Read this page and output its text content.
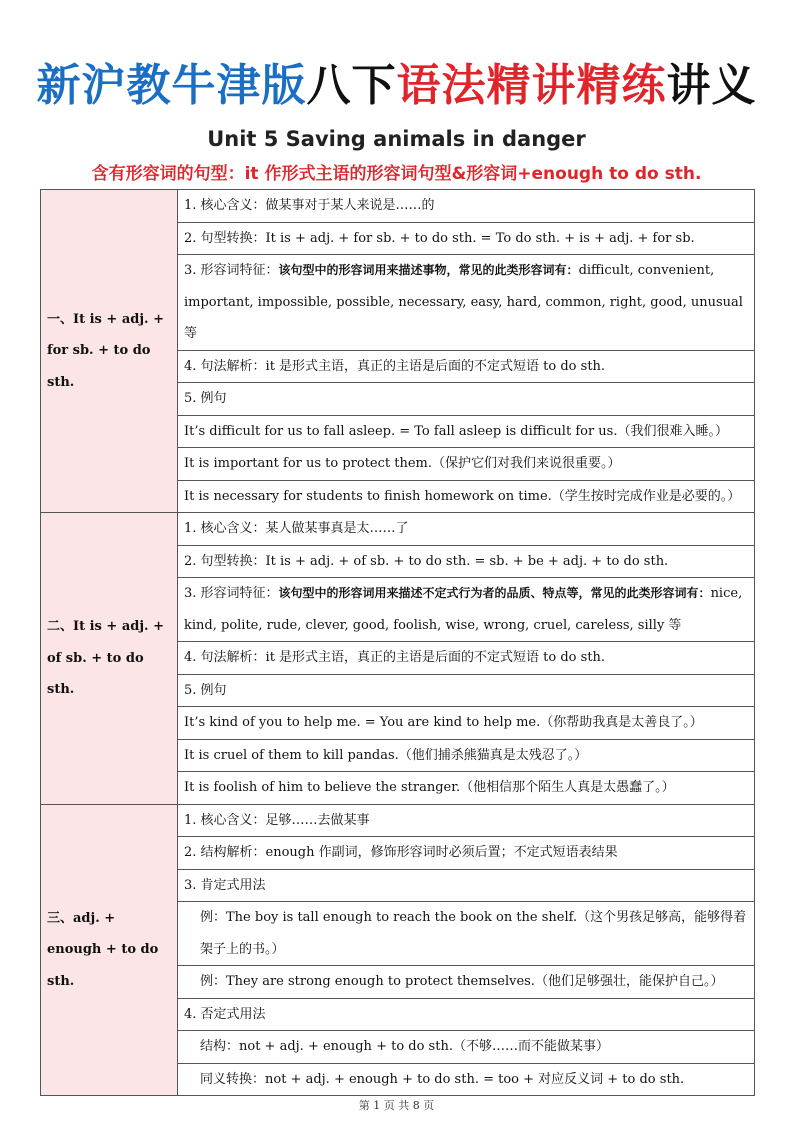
新沪教牛津版八下语法精讲精练讲义
Unit 5 Saving animals in danger
含有形容词的句型：it 作形式主语的形容词句型&形容词+enough to do sth.
一、It is + adj. + for sb. + to do sth.	1. 核心含义：做某事对于某人来说是……的
	2. 句型转换：It is + adj. + for sb. + to do sth. = To do sth. + is + adj. + for sb.
	3. 形容词特征：该句型中的形容词用来描述事物，常见的此类形容词有：difficult, convenient, important, impossible, possible, necessary, easy, hard, common, right, good, unusual 等
	4. 句法解析：it 是形式主语，真正的主语是后面的不定式短语 to do sth.
	5. 例句
	It’s difficult for us to fall asleep. = To fall asleep is difficult for us.（我们很难入睡。）
	It is important for us to protect them.（保护它们对我们来说很重要。）
	It is necessary for students to finish homework on time.（学生按时完成作业是必要的。）
二、It is + adj. + of sb. + to do sth.	1. 核心含义：某人做某事真是太……了
	2. 句型转换：It is + adj. + of sb. + to do sth. = sb. + be + adj. + to do sth.
	3. 形容词特征：该句型中的形容词用来描述不定式行为者的品质、特点等，常见的此类形容词有：nice, kind, polite, rude, clever, good, foolish, wise, wrong, cruel, careless, silly 等
	4. 句法解析：it 是形式主语，真正的主语是后面的不定式短语 to do sth.
	5. 例句
	It’s kind of you to help me. = You are kind to help me.（你帮助我真是太善良了。）
	It is cruel of them to kill pandas.（他们捕杀熊猫真是太残忍了。）
	It is foolish of him to believe the stranger.（他相信那个陌生人真是太愚蠢了。）
三、adj. + enough + to do sth.	1. 核心含义：足够……去做某事
	2. 结构解析：enough 作副词，修饰形容词时必须后置；不定式短语表结果
	3. 肯定式用法
	例：The boy is tall enough to reach the book on the shelf.（这个男孩足够高，能够得着架子上的书。）
	例：They are strong enough to protect themselves.（他们足够强壮，能保护自己。）
	4. 否定式用法
	结构：not + adj. + enough + to do sth.（不够……而不能做某事）
	同义转换：not + adj. + enough + to do sth. = too + 对应反义词 + to do sth.
第 1 页 共 8 页
